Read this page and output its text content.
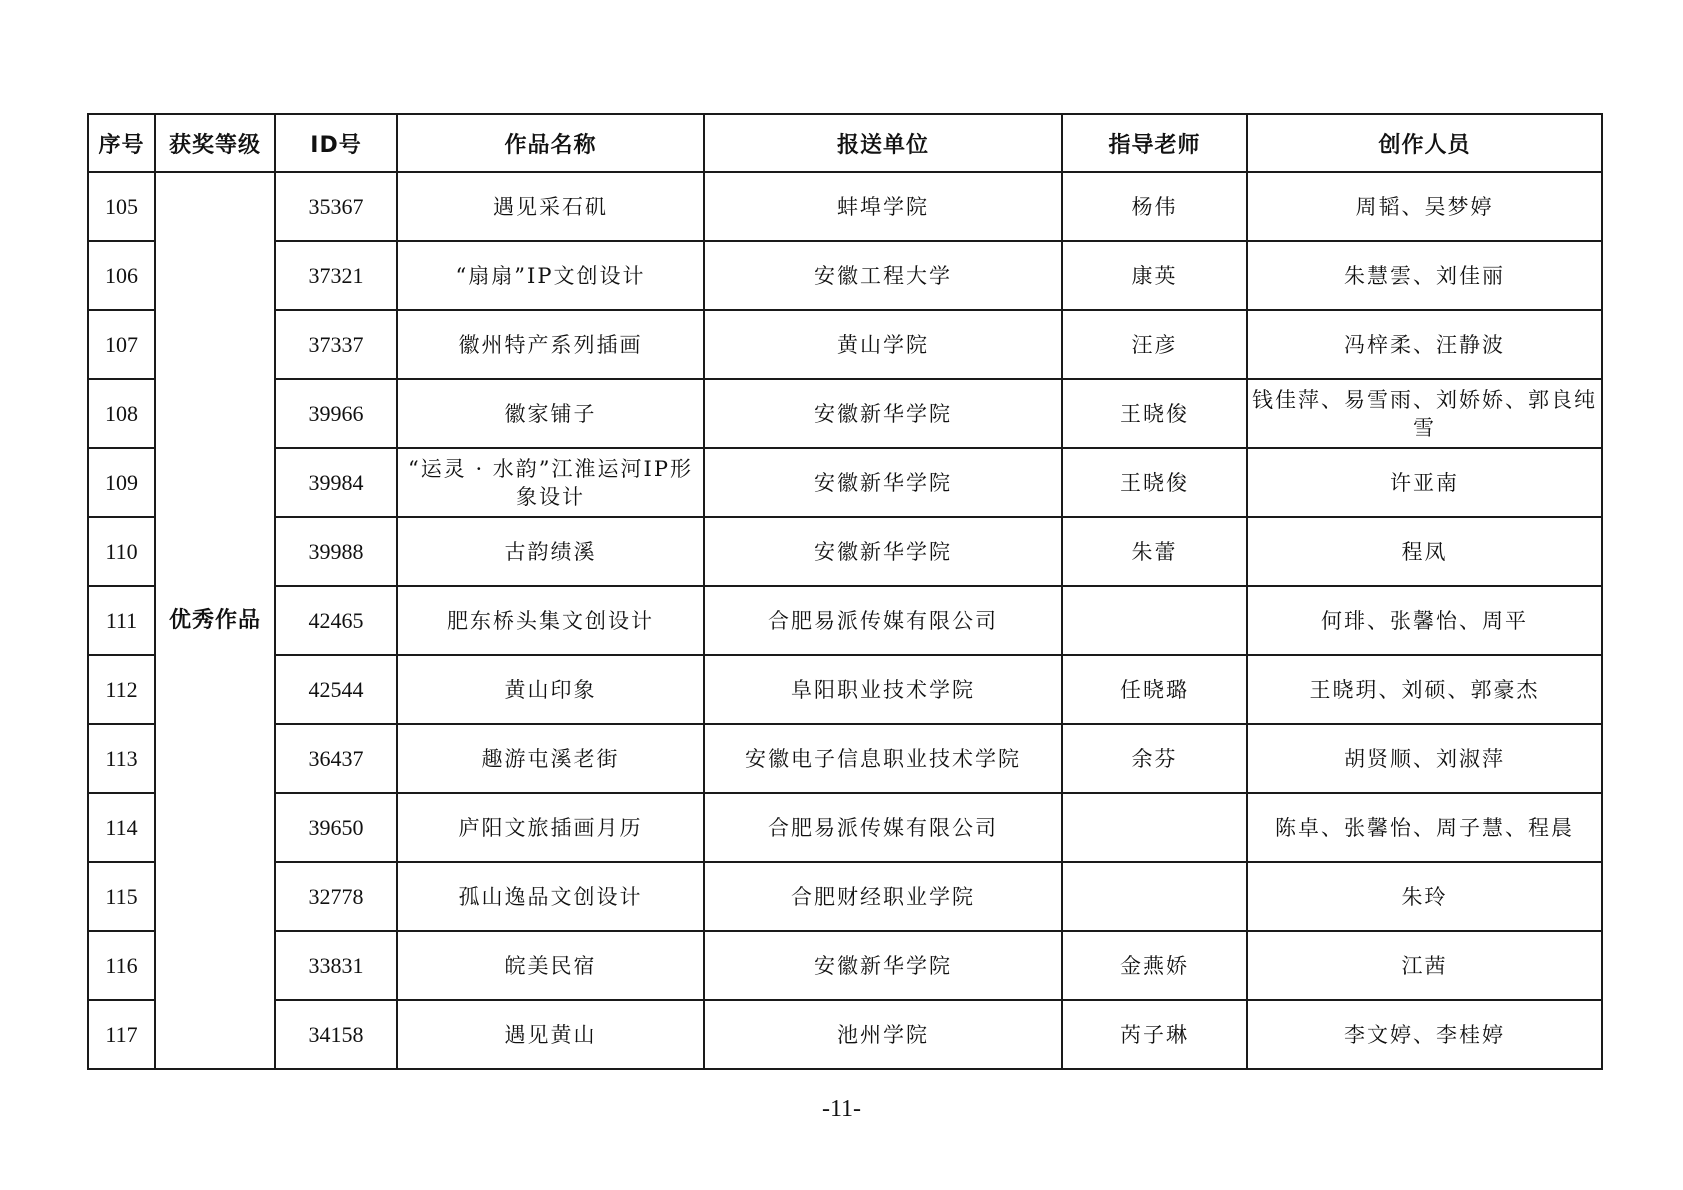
序号	获奖等级	ID号	作品名称	报送单位	指导老师	创作人员
105	优秀作品	35367	遇见采石矶	蚌埠学院	杨伟	周韬、吴梦婷
106		37321	“扇扇”IP文创设计	安徽工程大学	康英	朱慧雲、刘佳丽
107		37337	徽州特产系列插画	黄山学院	汪彦	冯梓柔、汪静波
108		39966	徽家铺子	安徽新华学院	王晓俊	钱佳萍、易雪雨、刘娇娇、郭良纯雪
109		39984	“运灵 · 水韵”江淮运河IP形象设计	安徽新华学院	王晓俊	许亚南
110		39988	古韵绩溪	安徽新华学院	朱蕾	程凤
111		42465	肥东桥头集文创设计	合肥易派传媒有限公司		何琲、张馨怡、周平
112		42544	黄山印象	阜阳职业技术学院	任晓璐	王晓玥、刘硕、郭豪杰
113		36437	趣游屯溪老街	安徽电子信息职业技术学院	余芬	胡贤顺、刘淑萍
114		39650	庐阳文旅插画月历	合肥易派传媒有限公司		陈卓、张馨怡、周子慧、程晨
115		32778	孤山逸品文创设计	合肥财经职业学院		朱玲
116		33831	皖美民宿	安徽新华学院	金燕娇	江茜
117		34158	遇见黄山	池州学院	芮子琳	李文婷、李桂婷
-11-
